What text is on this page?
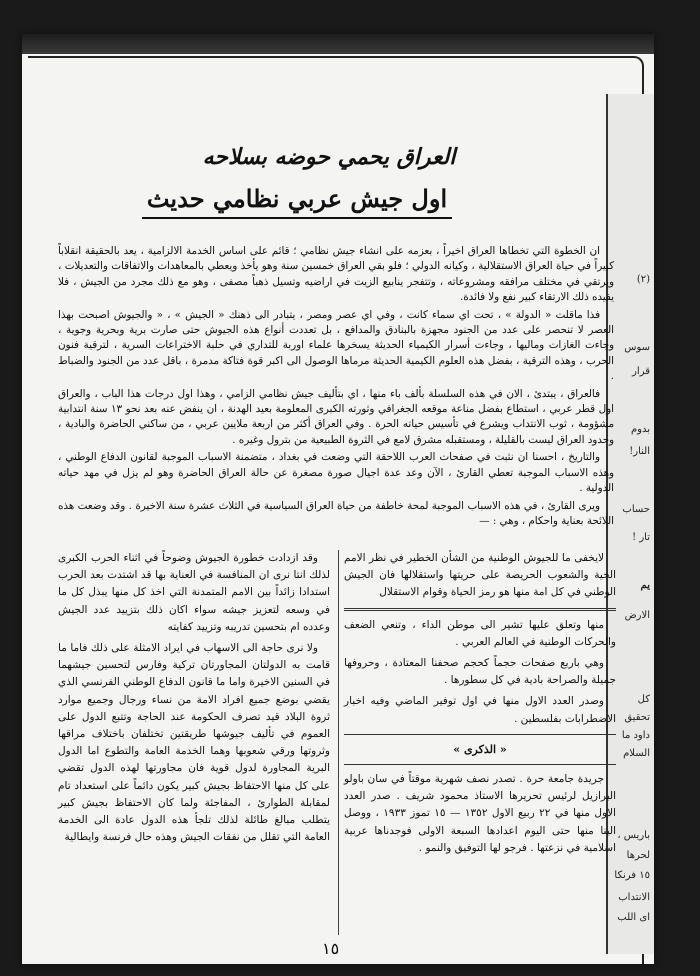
(٢)
سوس
قرار
بدوم
النار!
حساب
تار !
يم
الارض
كل
تحقيق
داود ما
السلام
باريس ،
لحرها
١٥ فرنكاً
الانتداب
اى اللب
العراق يحمي حوضه بسلاحه
اول جيش عربي نظامي حديث

ان الخطوة التي تخطاها العراق اخيراً ، بعزمه على انشاء جيش نظامي ؛ قائم على اساس الخدمة الالزامية ، يعد بالحقيقة انقلاباً كبيراً في حياة العراق الاستقلالية ، وكيانه الدولي ؛ فلو بقي العراق خمسين سنة وهو يأخذ ويعطي بالمعاهدات والاتفاقات والتعديلات ، ويرتقي في مختلف مرافقه ومشروعاته ، وتتفجر ينابيع الزيت في اراضيه وتسيل ذهباً مصفى ، وهو مع ذلك مجرد من الجيش ، فلا يفيده ذلك الارتقاء كبير نفع ولا فائدة.

فذا ماقلت « الدولة » ، تحت اي سماء كانت ، وفي اي عصر ومصر ، يتبادر الى ذهنك « الجيش » ، « والجيوش اصبحت بهذا العصر لا تنحصر على عدد من الجنود مجهزة بالبنادق والمدافع ، بل تعددت أنواع هذه الجيوش حتى صارت برية وبحرية وجوية ، وجاءت الغازات وماليها ، وجاءت أسرار الكيمياء الحديثة يسخرها علماء اوربة للتداري في حلبة الاختراعات السرية ، لترقية فنون الحرب ، وهذه الترقية ، بفضل هذه العلوم الكيمية الحديثة مرماها الوصول الى اكبر قوة فتاكة مدمرة ، باقل عدد من الجنود والضباط .

فالعراق ، يبتدئ ، الان في هذه السلسلة بألف باء منها ، اي بتأليف جيش نظامي الزامي ، وهذا اول درجات هذا الباب ، والعراق اول قطر عربي ، استطاع بفضل مناعة موقعه الجغرافي وثورته الكبرى المعلومة بعيد الهدنة ، ان ينفض عنه بعد نحو ١٣ سنة انتدابية مشؤومة ، ثوب الانتداب ويشرع في تأسيس حياته الحرة . وفي العراق أكثر من اربعة ملايين عربي ، من ساكني الحاضرة والبادية ، وحدود العراق ليست بالقليلة ، ومستقبله مشرق لامع في الثروة الطبيعية من بترول وغيره .

والتاريخ ، احسنا ان نثبت في صفحات العرب اللاحقة التي وضعت في بغداد ، متضمنة الاسباب الموجبة لقانون الدفاع الوطني ، وهذه الاسباب الموجبة تعطي القارئ ، الآن وعد عدة اجيال صورة مصغرة عن حالة العراق الحاضرة وهو لم يزل في مهد حياته الدولية .

ويرى القارئ ، في هذه الاسباب الموجبة لمحة خاطفة من حياة العراق السياسية في الثلاث عشرة سنة الاخيرة . وقد وضعت هذه اللائحة بعناية واحكام ، وهي : —

لايخفى ما للجيوش الوطنية من الشأن الخطير في نظر الامم الحية والشعوب الحريصة على حريتها واستقلالها فان الجيش الوطني في كل امة منها هو رمز الحياة وقوام الاستقلال

منها وتعلق عليها تشير الى موطن الداء ، وتنعي الضعف والحركات الوطنية في العالم العربي .

وهي باربع صفحات حجماً كحجم صحفنا المعتادة ، وحروفها جميلة والصراحة بادية في كل سطورها .

وصدر العدد الاول منها في اول توفير الماضي وفيه اخبار الاضطرابات بفلسطين .

« الذكرى »

جريدة جامعة حرة . تصدر نصف شهرية موقتاً في سان باولو البرازيل لرئيس تحريرها الاستاذ محمود شريف . صدر العدد الاول منها في ٢٢ ربيع الاول ١٣٥٢ — ١٥ تموز ١٩٣٣ ، ووصل الينا منها حتى اليوم اعدادها السبعة الاولى فوجدناها عربية اسلامية في نزعتها . فرجو لها التوفيق والنمو .

وقد ازدادت خطورة الجيوش وضوحاً في اثناء الحرب الكبرى لذلك انتا نرى ان المنافسة في العناية بها قد اشتدت بعد الحرب استدادا زائداً بين الامم المتمدنة التي اخذ كل منها يبذل كل ما في وسعه لتعزيز جيشه سواء اكان ذلك بتزييد عدد الجيش وعدده ام بتحسين تدريبه وتزييد كفايته

ولا نرى حاجة الى الاسهاب في ايراد الامثلة على ذلك فاما ما قامت به الدولتان المجاورتان تركية وفارس لتحسين جيشهما في السنين الاخيرة واما ما قانون الدفاع الوطني الفرنسي الذي يقضي بوضع جميع افراد الامة من نساء ورجال وجميع موارد ثروة البلاد قيد تصرف الحكومة عند الحاجة وتتبع الدول على العموم في تأليف جيوشها طريقتين تختلفان باختلاف مراقها وثروتها ورقي شعوبها وهما الخدمة العامة والتطوع اما الدول البرية المجاورة لدول قوية فان مجاورتها لهذه الدول تقضي على كل منها الاحتفاظ بجيش كبير يكون دائماً على استعداد تام لمقابلة الطوارئ ، المفاجئة ولما كان الاحتفاظ بجيش كبير يتطلب مبالغ طائلة لذلك تلجأ هذه الدول عادة الى الخدمة العامة التي تقلل من نفقات الجيش وهذه حال فرنسة وايطالية

١٥
